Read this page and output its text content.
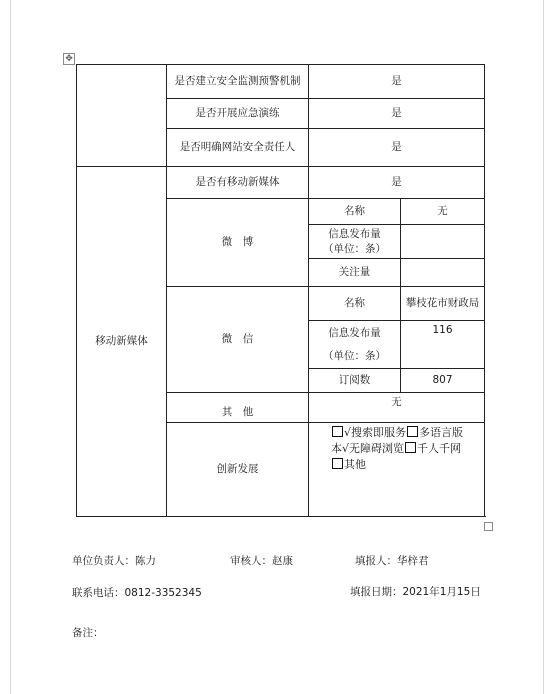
✥
	是否建立安全监测预警机制	是	
	是否开展应急演练	是	
	是否明确网站安全责任人	是	
移动新媒体	是否有移动新媒体	是	
	微　博	名称	无

		信息发布量
（单位：条）	

		关注量	
	微　信	名称	攀枝花市财政局

		信息发布量
（单位：条）	116
		订阅数	807
	其　他	无	
	创新发展	√搜索即服务 多语言版本√无障碍浏览 千人千网其他	
单位负责人：陈力	审核人：赵康	填报人：华梓君
联系电话：0812-3352345	填报日期：2021年1月15日
备注：
